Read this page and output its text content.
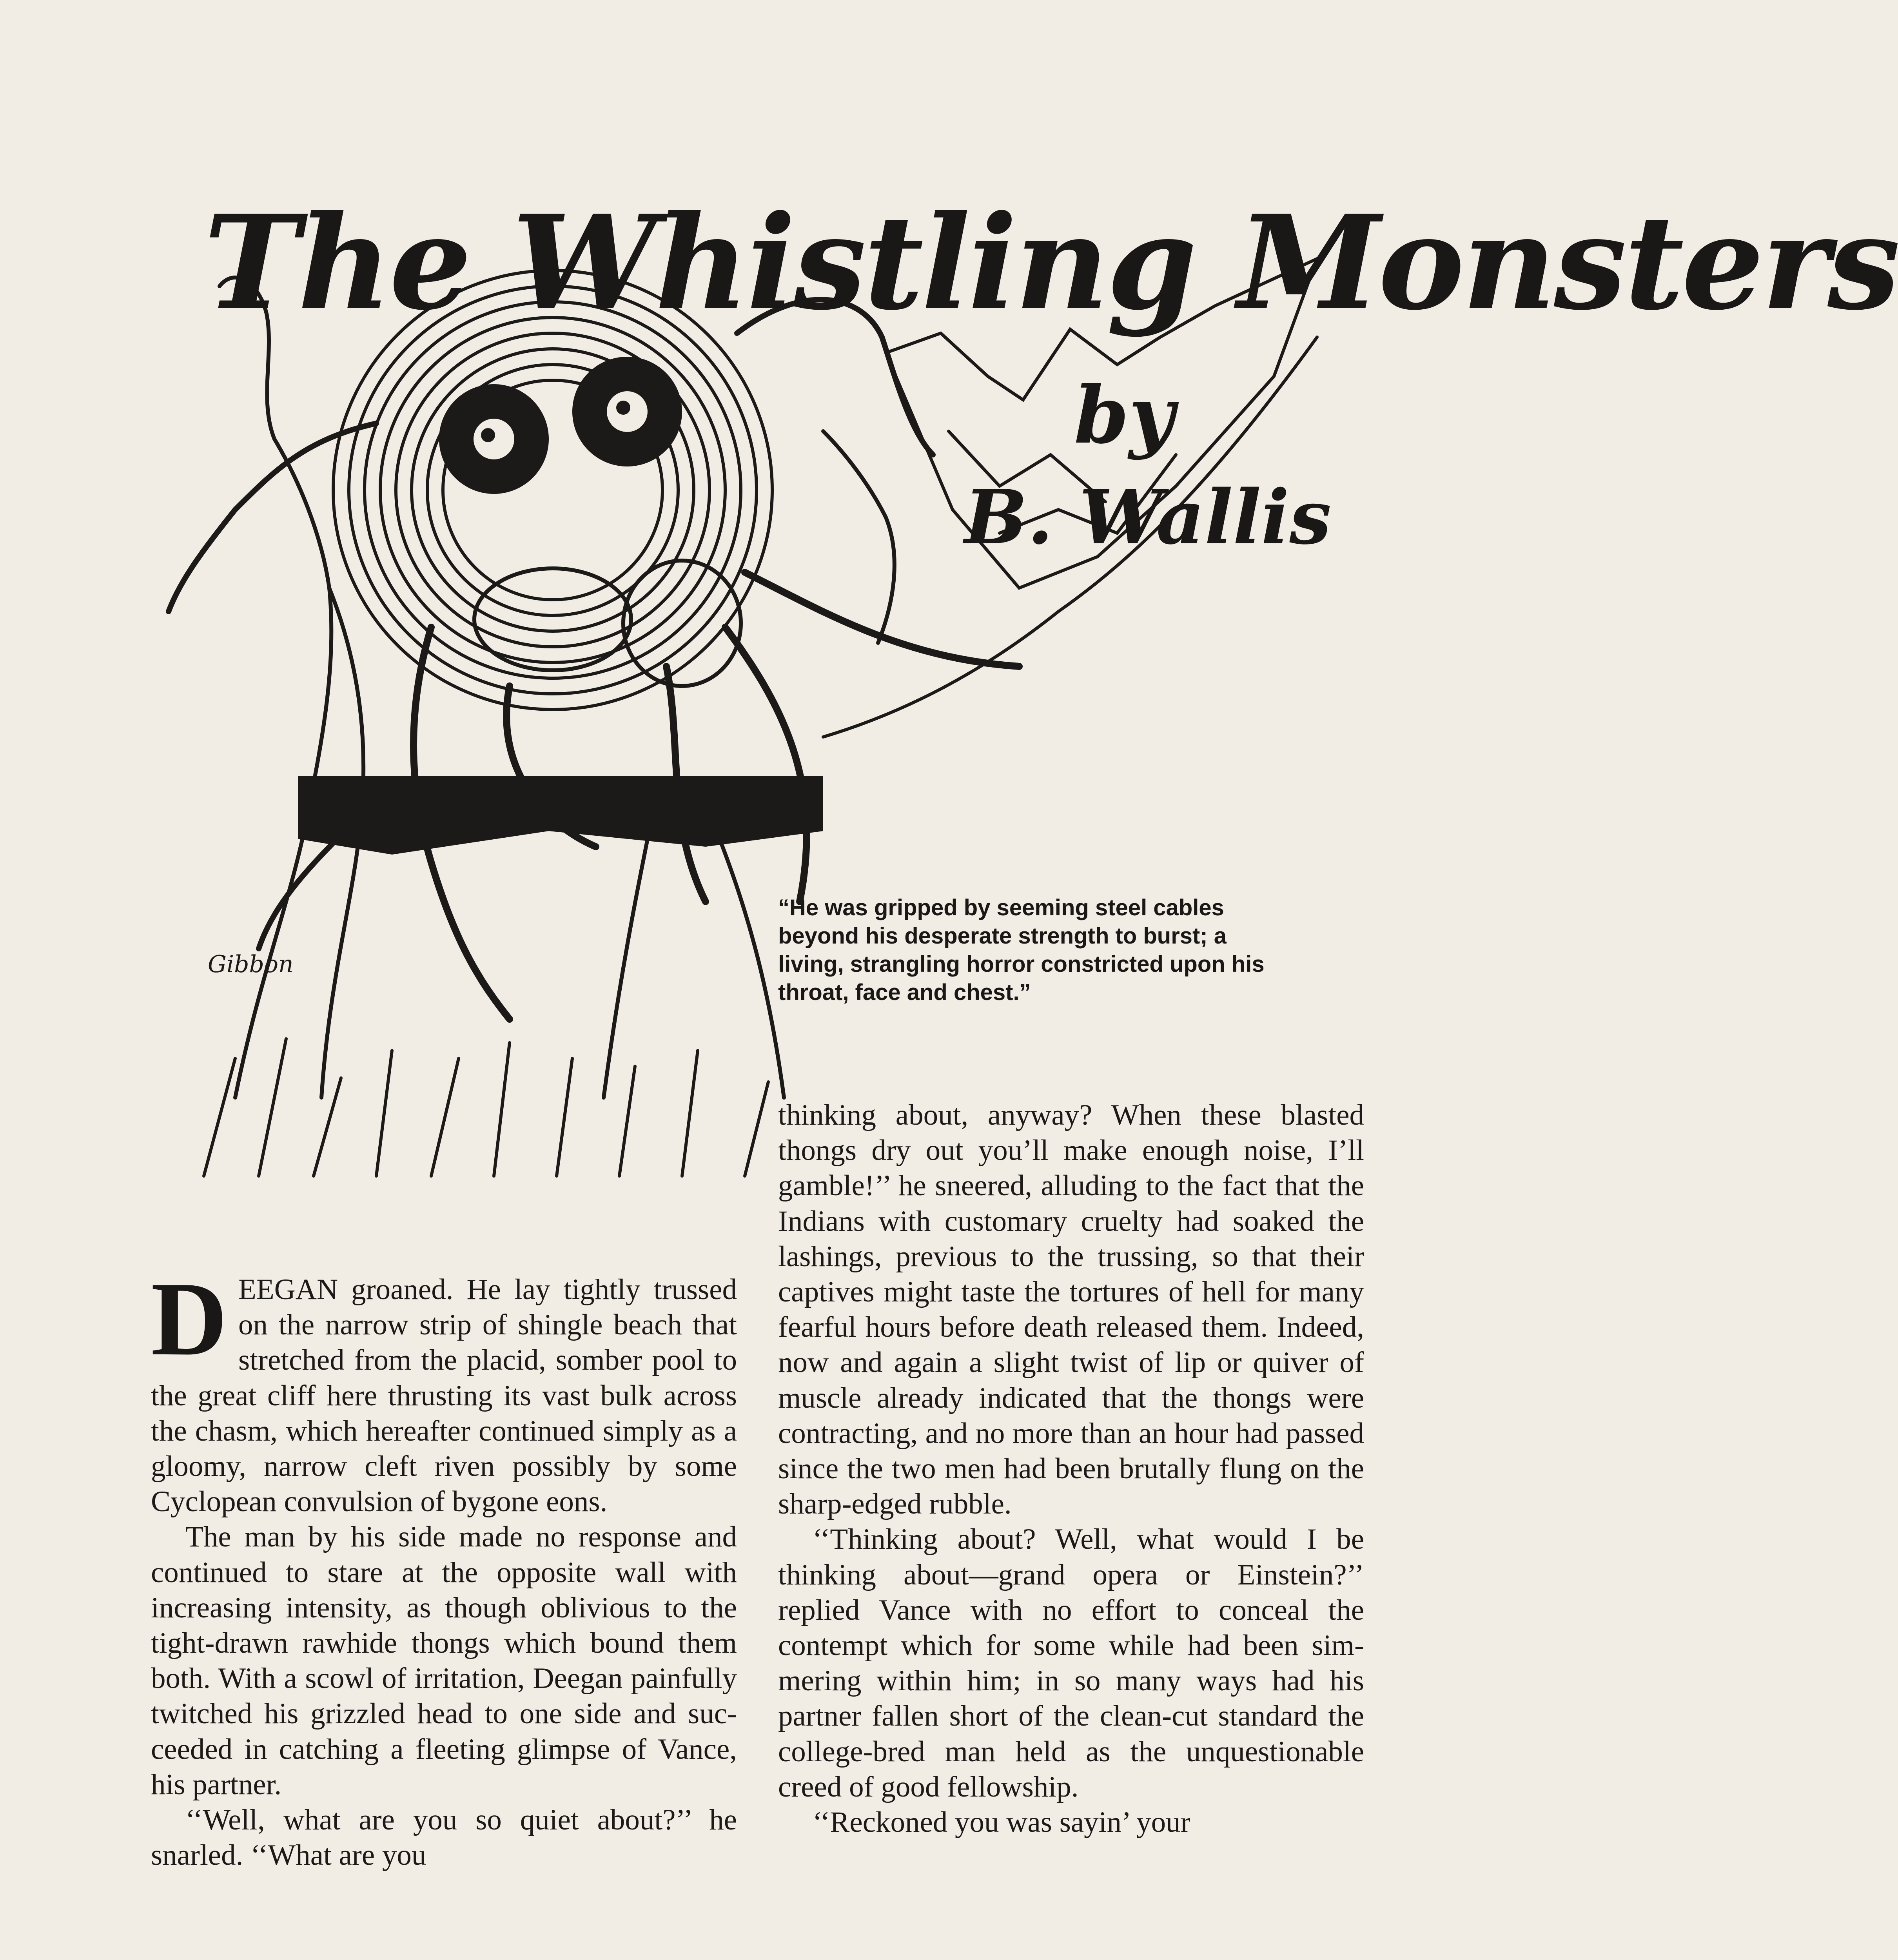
Gibbon
The Whistling Monsters
by
B. Wallis
“He was gripped by seeming steel cables beyond his desperate strength to burst; a living, strangling horror constricted upon his throat, face and chest.”

DEEGAN groaned. He lay tightly trussed on the narrow strip of shingle beach that stretched from the placid, somber pool to the great cliff here thrusting its vast bulk across the chasm, which hereafter continued simply as a gloomy, narrow cleft riven possibly by some Cyclopean convulsion of bygone eons.

The man by his side made no response and continued to stare at the opposite wall with increasing intensity, as though oblivious to the tight-drawn rawhide thongs which bound them both. With a scowl of irritation, Deegan painfully twitched his grizzled head to one side and succeeded in catching a fleeting glimpse of Vance, his partner.

‘‘Well, what are you so quiet about?’’ he snarled. ‘‘What are you

thinking about, anyway? When these blasted thongs dry out you’ll make enough noise, I’ll gamble!’’ he sneered, alluding to the fact that the Indians with customary cruelty had soaked the lashings, previous to the trussing, so that their captives might taste the tortures of hell for many fearful hours before death released them. Indeed, now and again a slight twist of lip or quiver of muscle already indicated that the thongs were contracting, and no more than an hour had passed since the two men had been brutally flung on the sharp-edged rubble.

‘‘Thinking about? Well, what would I be thinking about—grand opera or Einstein?’’ replied Vance with no effort to conceal the contempt which for some while had been simmering within him; in so many ways had his partner fallen short of the clean-cut standard the college-bred man held as the unquestionable creed of good fellowship.

‘‘Reckoned you was sayin’ your
